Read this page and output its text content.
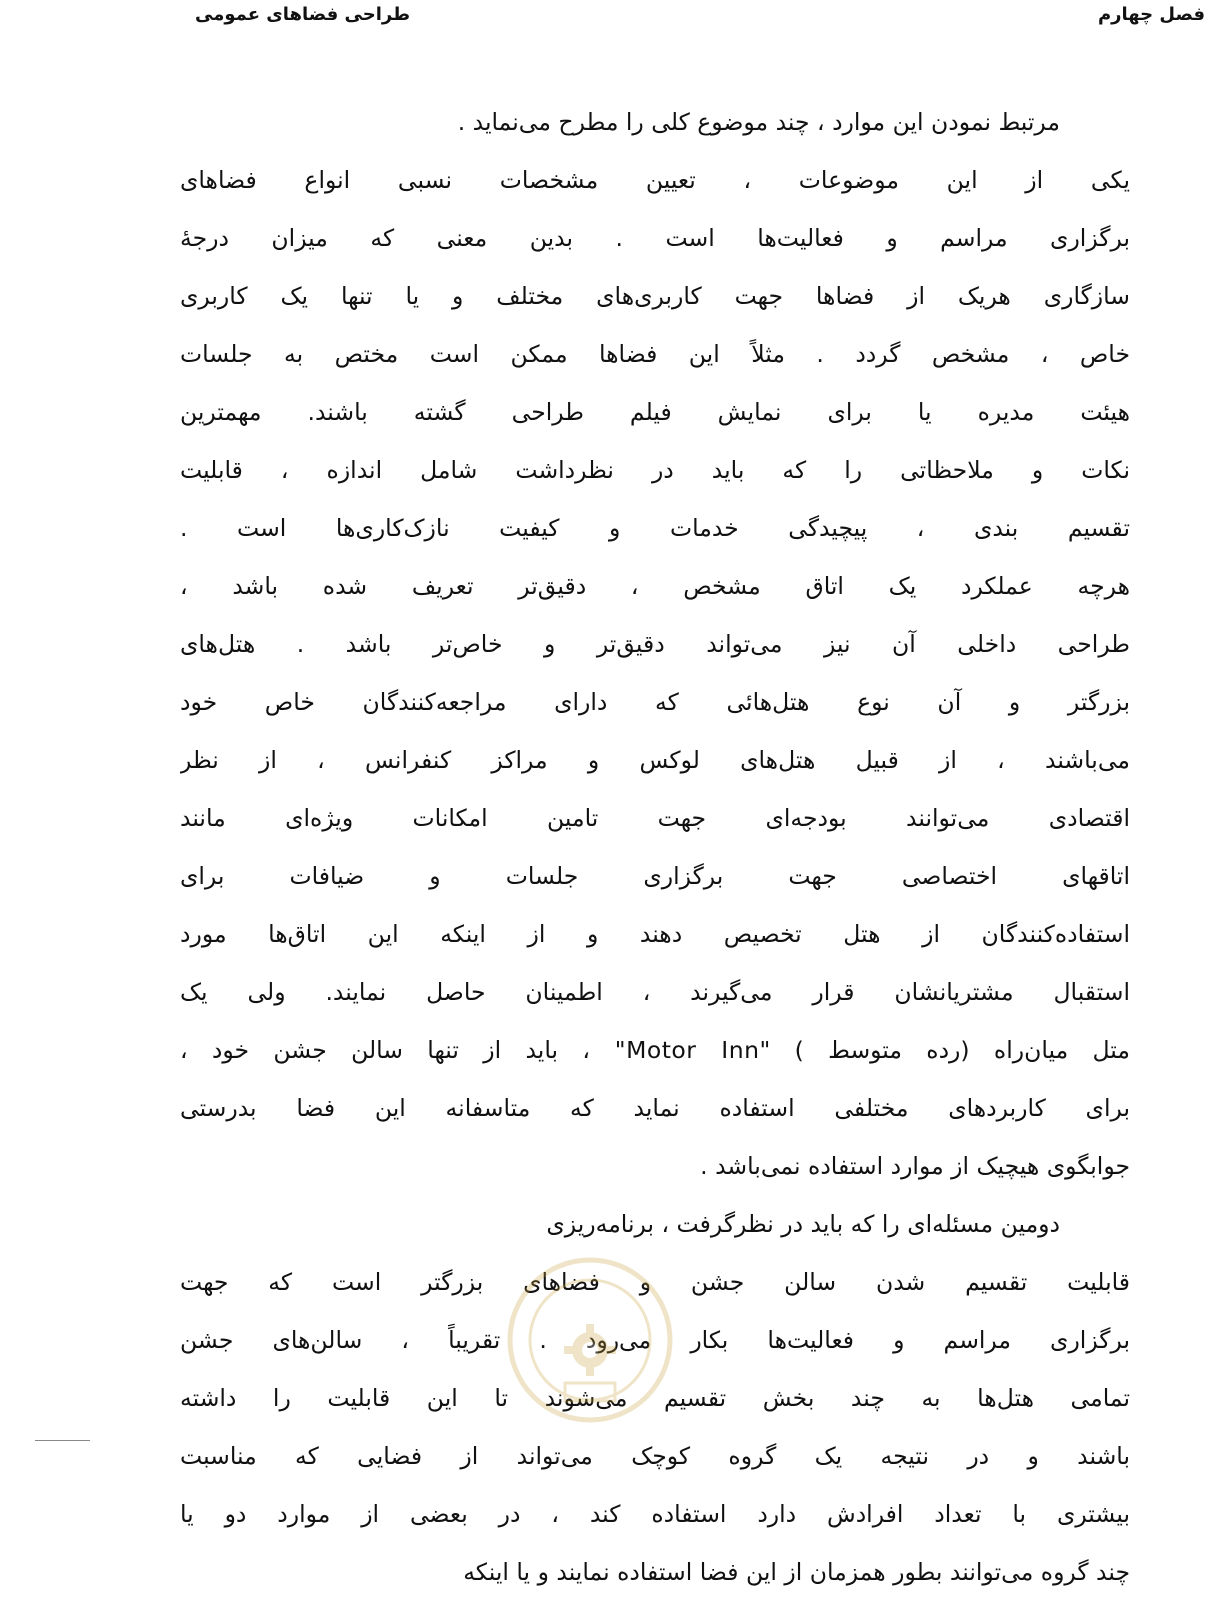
فصل چهارم
طراحی فضاهای عمومی
مرتبط نمودن این موارد ، چند موضوع کلی را مطرح می‌نماید .
یکی از این موضوعات ، تعیین مشخصات نسبی انواع فضاهای
برگزاری مراسم و فعالیت‌ها است . بدین معنی که میزان درجهٔ
سازگاری هریک از فضاها جهت کاربری‌های مختلف و یا تنها یک کاربری
خاص ، مشخص گردد . مثلاً این فضاها ممکن است مختص به جلسات
هیئت مدیره یا برای نمایش فیلم طراحی گشته باشند. مهمترین
نکات و ملاحظاتی را که باید در نظرداشت شامل اندازه ، قابلیت
تقسیم بندی ، پیچیدگی خدمات و کیفیت نازک‌کاری‌ها است .
هرچه عملکرد یک اتاق مشخص ، دقیق‌تر تعریف شده باشد ،
طراحی داخلی آن نیز می‌تواند دقیق‌تر و خاص‌تر باشد . هتل‌های
بزرگتر و آن نوع هتل‌هائی که دارای مراجعه‌کنندگان خاص خود
می‌باشند ، از قبیل هتل‌های لوکس و مراکز کنفرانس ، از نظر
اقتصادی می‌توانند بودجه‌ای جهت تامین امکانات ویژه‌ای مانند
اتاقهای اختصاصی جهت برگزاری جلسات و ضیافات برای
استفاده‌کنندگان از هتل تخصیص دهند و از اینکه این اتاق‌ها مورد
استقبال مشتریانشان قرار می‌گیرند ، اطمینان حاصل نمایند. ولی یک
متل میان‌راه (رده متوسط ) "Motor Inn" ، باید از تنها سالن جشن خود ،
برای کاربردهای مختلفی استفاده نماید که متاسفانه این فضا بدرستی
جوابگوی هیچیک از موارد استفاده نمی‌باشد .
دومین مسئله‌ای را که باید در نظرگرفت ، برنامه‌ریزی
قابلیت تقسیم شدن سالن جشن و فضاهای بزرگتر است که جهت
برگزاری مراسم و فعالیت‌ها بکار می‌رود . تقریباً ، سالن‌های جشن
تمامی هتل‌ها به چند بخش تقسیم می‌شوند تا این قابلیت را داشته
باشند و در نتیجه یک گروه کوچک می‌تواند از فضایی که مناسبت
بیشتری با تعداد افرادش دارد استفاده کند ، در بعضی از موارد دو یا
چند گروه می‌توانند بطور همزمان از این فضا استفاده نمایند و یا اینکه
